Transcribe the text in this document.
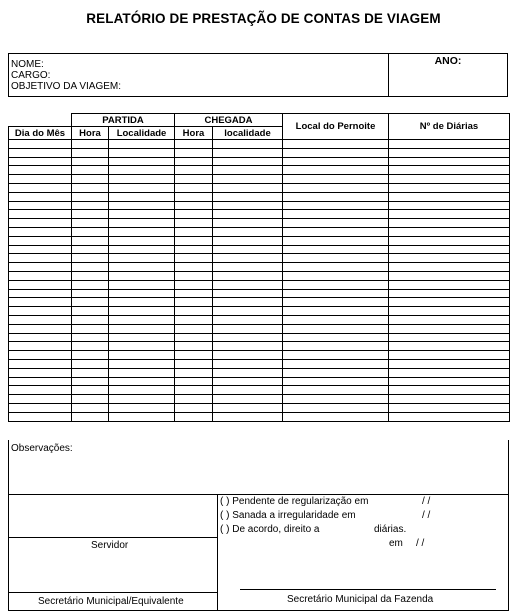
RELATÓRIO DE PRESTAÇÃO DE CONTAS DE VIAGEM
NOME:
CARGO:
OBJETIVO DA VIAGEM:
ANO:
	PARTIDA		CHEGADA		Local do Pernoite	Nº de Diárias
Dia do Mês	Hora	Localidade	Hora	localidade		

Observações:
Servidor
Secretário Municipal/Equivalente
( ) Pendente de regularização em	/ /
( ) Sanada a irregularidade em	/ /
( ) De acordo, direito a	diárias.
em / /
Secretário Municipal da Fazenda
